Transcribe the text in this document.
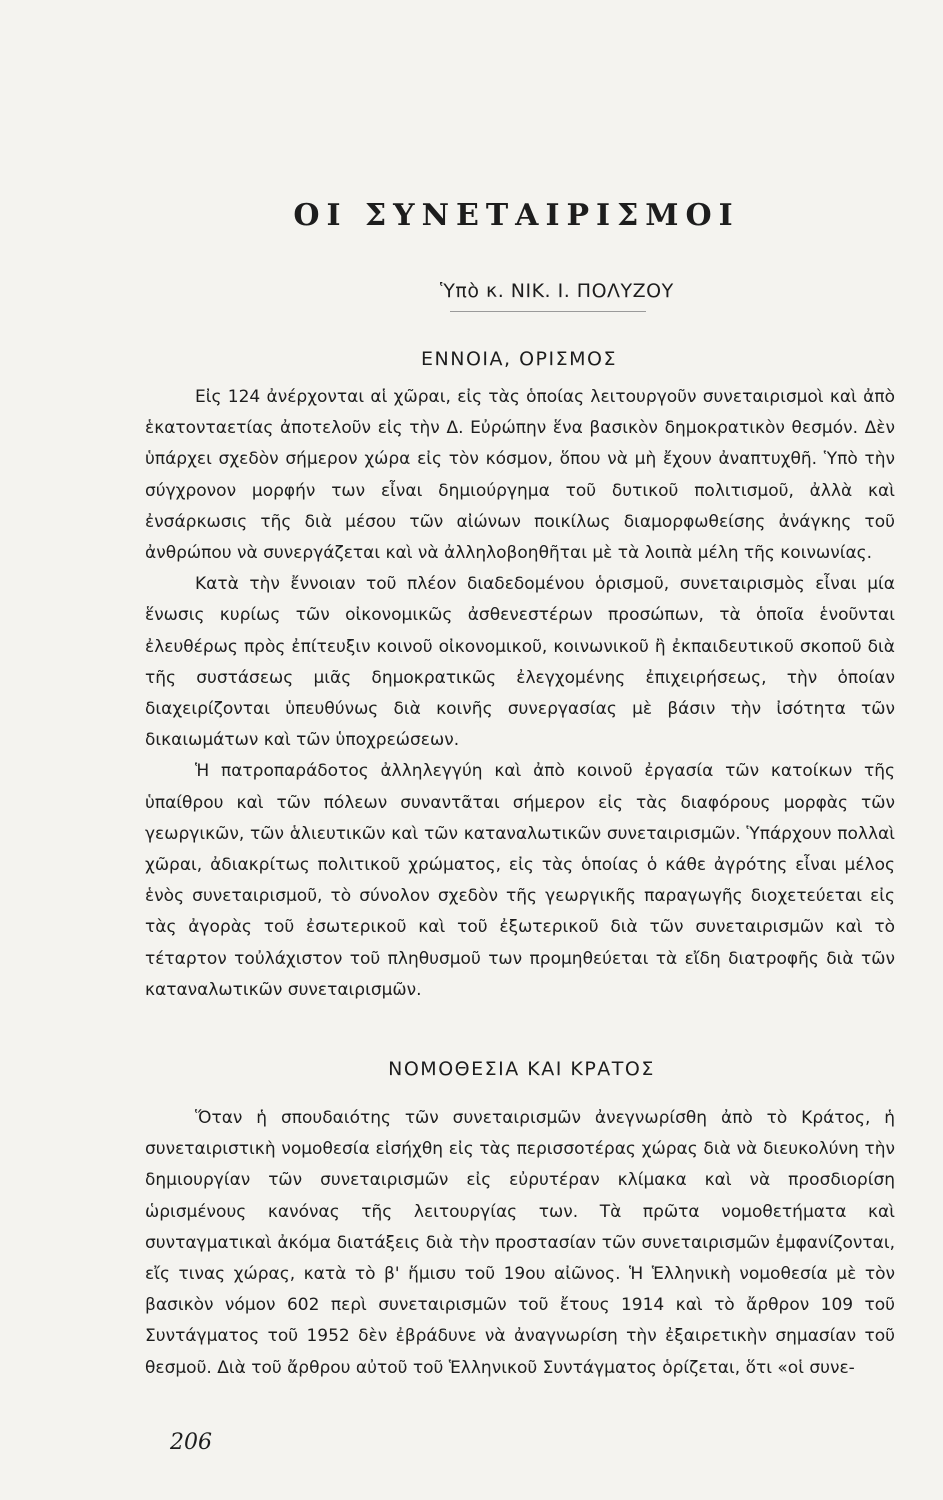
ΟΙ ΣΥΝΕΤΑΙΡΙΣΜΟΙ
Ὑπὸ κ. ΝΙΚ. Ι. ΠΟΛΥΖΟΥ
ΕΝΝΟΙΑ, ΟΡΙΣΜΟΣ

Εἰς 124 ἀνέρχονται αἱ χῶραι, εἰς τὰς ὁποίας λειτουργοῦν συνεταιρισμοὶ καὶ ἀπὸ ἑκατονταετίας ἀποτελοῦν εἰς τὴν Δ. Εὐρώπην ἕνα βασικὸν δημοκρατικὸν θεσμόν. Δὲν ὑπάρχει σχεδὸν σήμερον χώρα εἰς τὸν κόσμον, ὅπου νὰ μὴ ἔχουν ἀναπτυχθῆ. Ὑπὸ τὴν σύγχρονον μορφήν των εἶναι δημιούργημα τοῦ δυτικοῦ πολιτισμοῦ, ἀλλὰ καὶ ἐνσάρκωσις τῆς διὰ μέσου τῶν αἰώνων ποικίλως διαμορφωθείσης ἀνάγκης τοῦ ἀνθρώπου νὰ συνεργάζεται καὶ νὰ ἀλληλοβοηθῆται μὲ τὰ λοιπὰ μέλη τῆς κοινωνίας.

Κατὰ τὴν ἔννοιαν τοῦ πλέον διαδεδομένου ὁρισμοῦ, συνεταιρισμὸς εἶναι μία ἕνωσις κυρίως τῶν οἰκονομικῶς ἀσθενεστέρων προσώπων, τὰ ὁποῖα ἑνοῦνται ἐλευθέρως πρὸς ἐπίτευξιν κοινοῦ οἰκονομικοῦ, κοινωνικοῦ ἢ ἐκπαιδευτικοῦ σκοποῦ διὰ τῆς συστάσεως μιᾶς δημοκρατικῶς ἐλεγχομένης ἐπιχειρήσεως, τὴν ὁποίαν διαχειρίζονται ὑπευθύνως διὰ κοινῆς συνεργασίας μὲ βάσιν τὴν ἰσότητα τῶν δικαιωμάτων καὶ τῶν ὑποχρεώσεων.

Ἡ πατροπαράδοτος ἀλληλεγγύη καὶ ἀπὸ κοινοῦ ἐργασία τῶν κατοίκων τῆς ὑπαίθρου καὶ τῶν πόλεων συναντᾶται σήμερον εἰς τὰς διαφόρους μορφὰς τῶν γεωργικῶν, τῶν ἁλιευτικῶν καὶ τῶν καταναλωτικῶν συνεταιρισμῶν. Ὑπάρχουν πολλαὶ χῶραι, ἀδιακρίτως πολιτικοῦ χρώματος, εἰς τὰς ὁποίας ὁ κάθε ἀγρότης εἶναι μέλος ἑνὸς συνεταιρισμοῦ, τὸ σύνολον σχεδὸν τῆς γεωργικῆς παραγωγῆς διοχετεύεται εἰς τὰς ἀγορὰς τοῦ ἐσωτερικοῦ καὶ τοῦ ἐξωτερικοῦ διὰ τῶν συνεταιρισμῶν καὶ τὸ τέταρτον τοὐλάχιστον τοῦ πληθυσμοῦ των προμηθεύεται τὰ εἴδη διατροφῆς διὰ τῶν καταναλωτικῶν συνεταιρισμῶν.

ΝΟΜΟΘΕΣΙΑ ΚΑΙ ΚΡΑΤΟΣ

Ὅταν ἡ σπουδαιότης τῶν συνεταιρισμῶν ἀνεγνωρίσθη ἀπὸ τὸ Κράτος, ἡ συνεταιριστικὴ νομοθεσία εἰσήχθη εἰς τὰς περισσοτέρας χώρας διὰ νὰ διευκολύνη τὴν δημιουργίαν τῶν συνεταιρισμῶν εἰς εὐρυτέραν κλίμακα καὶ νὰ προσδιορίση ὡρισμένους κανόνας τῆς λειτουργίας των. Τὰ πρῶτα νομοθετήματα καὶ συνταγματικαὶ ἀκόμα διατάξεις διὰ τὴν προστασίαν τῶν συνεταιρισμῶν ἐμφανίζονται, εἴς τινας χώρας, κατὰ τὸ β' ἥμισυ τοῦ 19ου αἰῶνος. Ἡ Ἑλληνικὴ νομοθεσία μὲ τὸν βασικὸν νόμον 602 περὶ συνεταιρισμῶν τοῦ ἔτους 1914 καὶ τὸ ἄρθρον 109 τοῦ Συντάγματος τοῦ 1952 δὲν ἐβράδυνε νὰ ἀναγνωρίση τὴν ἐξαιρετικὴν σημασίαν τοῦ θεσμοῦ. Διὰ τοῦ ἄρθρου αὐτοῦ τοῦ Ἑλληνικοῦ Συντάγματος ὁρίζεται, ὅτι «οἱ συνε-

206
